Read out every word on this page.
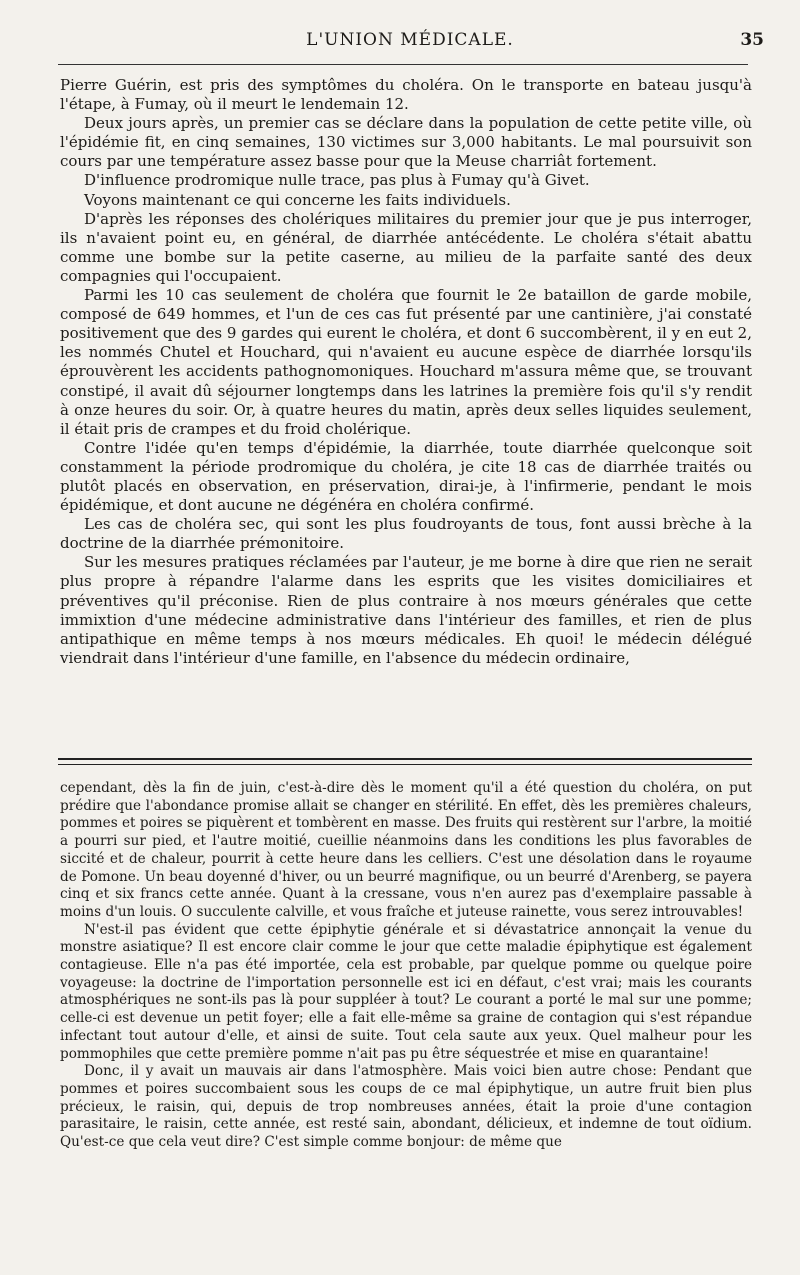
L'UNION MÉDICALE.	35

Pierre Guérin, est pris des symptômes du choléra. On le transporte en bateau jusqu'à l'étape, à Fumay, où il meurt le lendemain 12.

Deux jours après, un premier cas se déclare dans la population de cette petite ville, où l'épidémie fit, en cinq semaines, 130 victimes sur 3,000 habitants. Le mal poursuivit son cours par une température assez basse pour que la Meuse charriât fortement.

D'influence prodromique nulle trace, pas plus à Fumay qu'à Givet.

Voyons maintenant ce qui concerne les faits individuels.

D'après les réponses des cholériques militaires du premier jour que je pus interroger, ils n'avaient point eu, en général, de diarrhée antécédente. Le choléra s'était abattu comme une bombe sur la petite caserne, au milieu de la parfaite santé des deux compagnies qui l'occupaient.

Parmi les 10 cas seulement de choléra que fournit le 2e bataillon de garde mobile, composé de 649 hommes, et l'un de ces cas fut présenté par une cantinière, j'ai constaté positivement que des 9 gardes qui eurent le choléra, et dont 6 succombèrent, il y en eut 2, les nommés Chutel et Houchard, qui n'avaient eu aucune espèce de diarrhée lorsqu'ils éprouvèrent les accidents pathognomoniques. Houchard m'assura même que, se trouvant constipé, il avait dû séjourner longtemps dans les latrines la première fois qu'il s'y rendit à onze heures du soir. Or, à quatre heures du matin, après deux selles liquides seulement, il était pris de crampes et du froid cholérique.

Contre l'idée qu'en temps d'épidémie, la diarrhée, toute diarrhée quelconque soit constamment la période prodromique du choléra, je cite 18 cas de diarrhée traités ou plutôt placés en observation, en préservation, dirai-je, à l'infirmerie, pendant le mois épidémique, et dont aucune ne dégénéra en choléra confirmé.

Les cas de choléra sec, qui sont les plus foudroyants de tous, font aussi brèche à la doctrine de la diarrhée prémonitoire.

Sur les mesures pratiques réclamées par l'auteur, je me borne à dire que rien ne serait plus propre à répandre l'alarme dans les esprits que les visites domiciliaires et préventives qu'il préconise. Rien de plus contraire à nos mœurs générales que cette immixtion d'une médecine administrative dans l'intérieur des familles, et rien de plus antipathique en même temps à nos mœurs médicales. Eh quoi! le médecin délégué viendrait dans l'intérieur d'une famille, en l'absence du médecin ordinaire,

cependant, dès la fin de juin, c'est-à-dire dès le moment qu'il a été question du choléra, on put prédire que l'abondance promise allait se changer en stérilité. En effet, dès les premières chaleurs, pommes et poires se piquèrent et tombèrent en masse. Des fruits qui restèrent sur l'arbre, la moitié a pourri sur pied, et l'autre moitié, cueillie néanmoins dans les conditions les plus favorables de siccité et de chaleur, pourrit à cette heure dans les celliers. C'est une désolation dans le royaume de Pomone. Un beau doyenné d'hiver, ou un beurré magnifique, ou un beurré d'Arenberg, se payera cinq et six francs cette année. Quant à la cressane, vous n'en aurez pas d'exemplaire passable à moins d'un louis. O succulente calville, et vous fraîche et juteuse rainette, vous serez introuvables!

N'est-il pas évident que cette épiphytie générale et si dévastatrice annonçait la venue du monstre asiatique? Il est encore clair comme le jour que cette maladie épiphytique est également contagieuse. Elle n'a pas été importée, cela est probable, par quelque pomme ou quelque poire voyageuse: la doctrine de l'importation personnelle est ici en défaut, c'est vrai; mais les courants atmosphériques ne sont-ils pas là pour suppléer à tout? Le courant a porté le mal sur une pomme; celle-ci est devenue un petit foyer; elle a fait elle-même sa graine de contagion qui s'est répandue infectant tout autour d'elle, et ainsi de suite. Tout cela saute aux yeux. Quel malheur pour les pommophiles que cette première pomme n'ait pas pu être séquestrée et mise en quarantaine!

Donc, il y avait un mauvais air dans l'atmosphère. Mais voici bien autre chose: Pendant que pommes et poires succombaient sous les coups de ce mal épiphytique, un autre fruit bien plus précieux, le raisin, qui, depuis de trop nombreuses années, était la proie d'une contagion parasitaire, le raisin, cette année, est resté sain, abondant, délicieux, et indemne de tout oïdium. Qu'est-ce que cela veut dire? C'est simple comme bonjour: de même que
